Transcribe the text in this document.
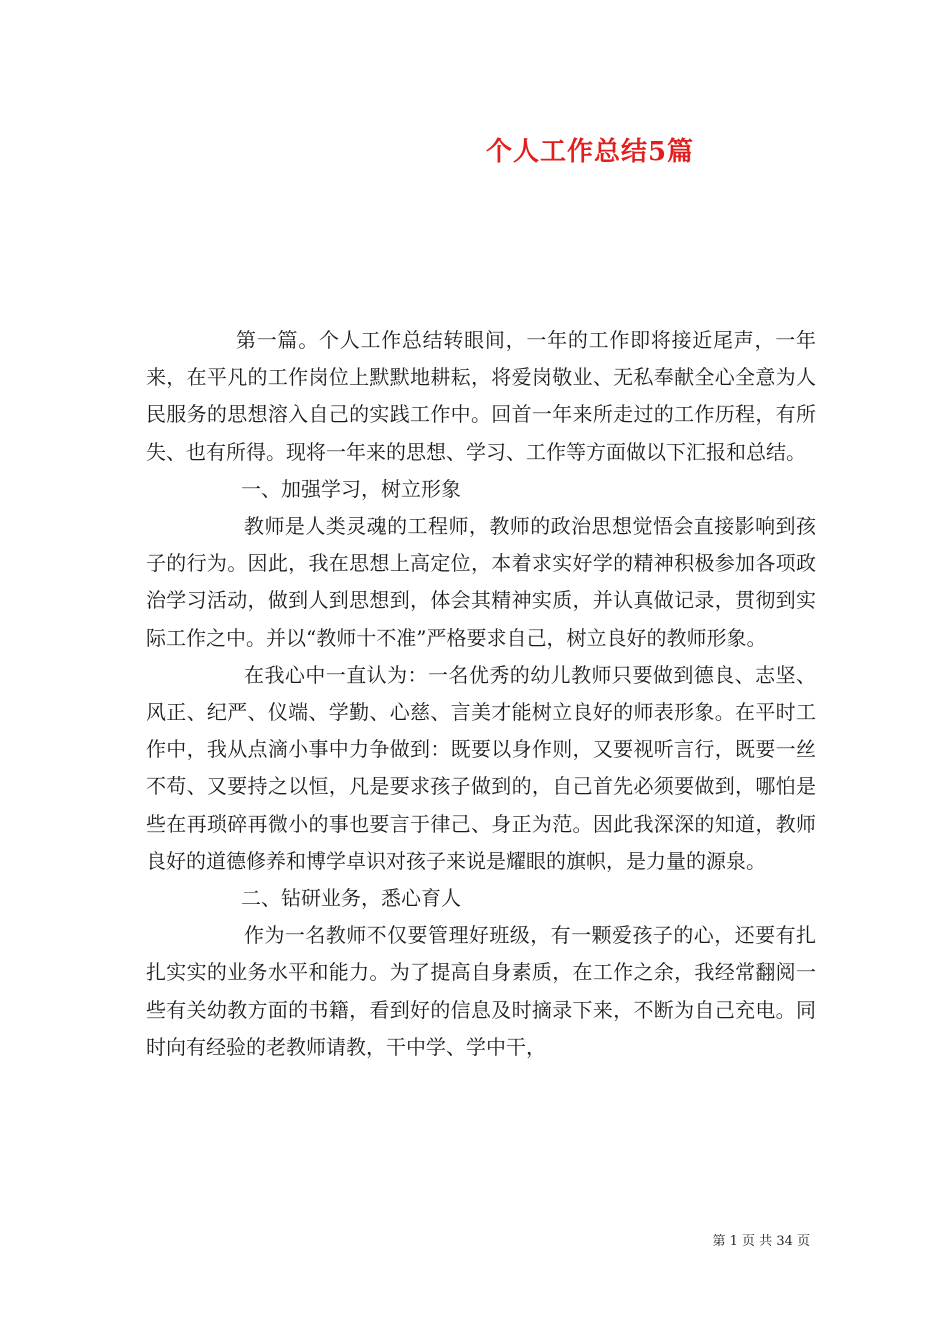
个人工作总结5篇

第一篇。个人工作总结转眼间，一年的工作即将接近尾声，一年来，在平凡的工作岗位上默默地耕耘，将爱岗敬业、无私奉献全心全意为人民服务的思想溶入自己的实践工作中。回首一年来所走过的工作历程，有所失、也有所得。现将一年来的思想、学习、工作等方面做以下汇报和总结。

一、加强学习，树立形象

教师是人类灵魂的工程师，教师的政治思想觉悟会直接影响到孩子的行为。因此，我在思想上高定位，本着求实好学的精神积极参加各项政治学习活动，做到人到思想到，体会其精神实质，并认真做记录，贯彻到实际工作之中。并以“教师十不准”严格要求自己，树立良好的教师形象。

在我心中一直认为：一名优秀的幼儿教师只要做到德良、志坚、风正、纪严、仪端、学勤、心慈、言美才能树立良好的师表形象。在平时工作中，我从点滴小事中力争做到：既要以身作则，又要视听言行，既要一丝不苟、又要持之以恒，凡是要求孩子做到的，自己首先必须要做到，哪怕是些在再琐碎再微小的事也要言于律己、身正为范。因此我深深的知道，教师良好的道德修养和博学卓识对孩子来说是耀眼的旗帜，是力量的源泉。

二、钻研业务，悉心育人

作为一名教师不仅要管理好班级，有一颗爱孩子的心，还要有扎扎实实的业务水平和能力。为了提高自身素质，在工作之余，我经常翻阅一些有关幼教方面的书籍，看到好的信息及时摘录下来，不断为自己充电。同时向有经验的老教师请教，干中学、学中干，

第 1 页 共 34 页
